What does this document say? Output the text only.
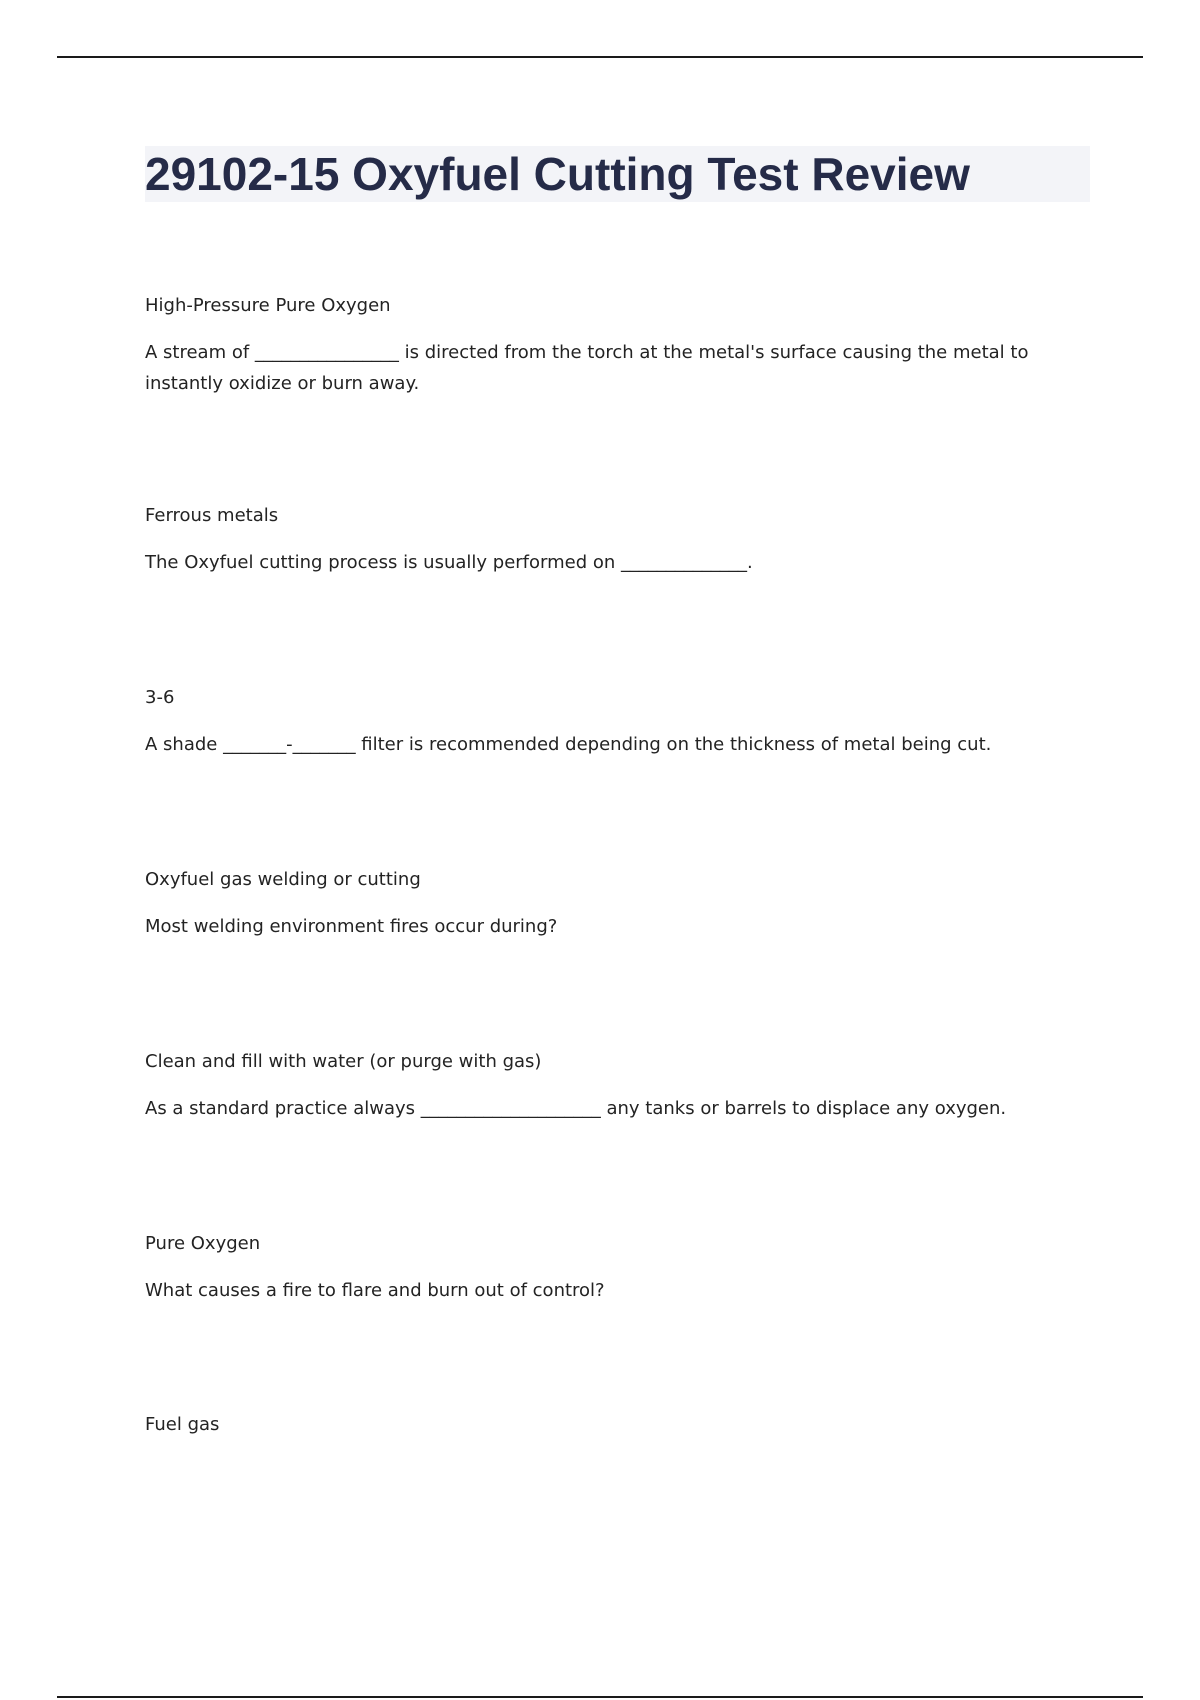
29102-15 Oxyfuel Cutting Test Review

High-Pressure Pure Oxygen

A stream of ________________ is directed from the torch at the metal's surface causing the metal to instantly oxidize or burn away.

Ferrous metals

The Oxyfuel cutting process is usually performed on ______________.

3-6

A shade _______-_______ filter is recommended depending on the thickness of metal being cut.

Oxyfuel gas welding or cutting

Most welding environment fires occur during?

Clean and fill with water (or purge with gas)

As a standard practice always ____________________ any tanks or barrels to displace any oxygen.

Pure Oxygen

What causes a fire to flare and burn out of control?

Fuel gas
